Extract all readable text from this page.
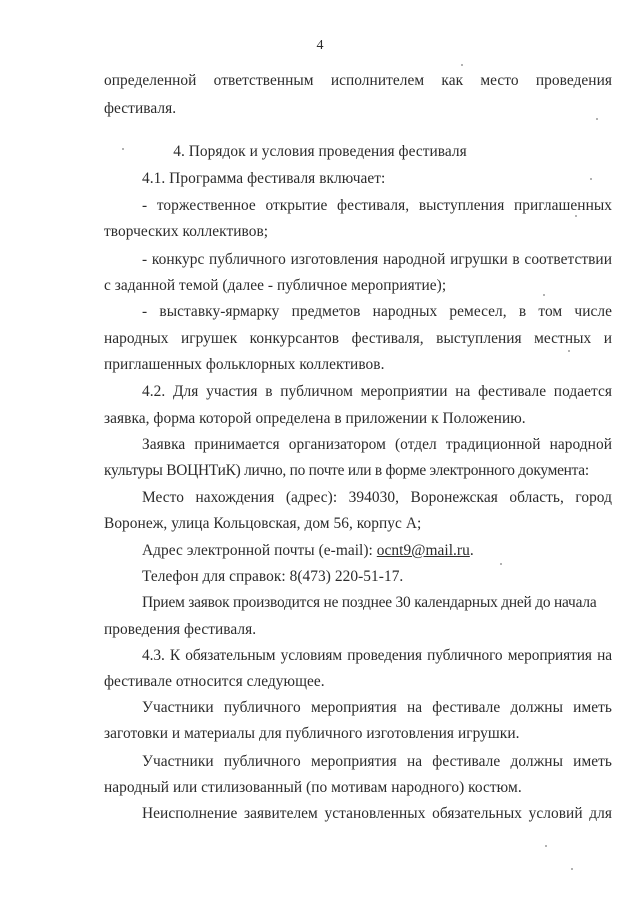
4
определенной ответственным исполнителем как место проведения
фестиваля.
4. Порядок и условия проведения фестиваля
4.1. Программа фестиваля включает:
- торжественное открытие фестиваля, выступления приглашенных
творческих коллективов;
- конкурс публичного изготовления народной игрушки в соответствии
с заданной темой (далее - публичное мероприятие);
- выставку-ярмарку предметов народных ремесел, в том числе
народных игрушек конкурсантов фестиваля, выступления местных и
приглашенных фольклорных коллективов.
4.2. Для участия в публичном мероприятии на фестивале подается
заявка, форма которой определена в приложении к Положению.
Заявка принимается организатором (отдел традиционной народной
культуры ВОЦНТиК) лично, по почте или в форме электронного документа:
Место нахождения (адрес): 394030, Воронежская область, город
Воронеж, улица Кольцовская, дом 56, корпус А;
Адрес электронной почты (e-mail): ocnt9@mail.ru.
Телефон для справок: 8(473) 220-51-17.
Прием заявок производится не позднее 30 календарных дней до начала
проведения фестиваля.
4.3. К обязательным условиям проведения публичного мероприятия на
фестивале относится следующее.
Участники публичного мероприятия на фестивале должны иметь
заготовки и материалы для публичного изготовления игрушки.
Участники публичного мероприятия на фестивале должны иметь
народный или стилизованный (по мотивам народного) костюм.
Неисполнение заявителем установленных обязательных условий для
